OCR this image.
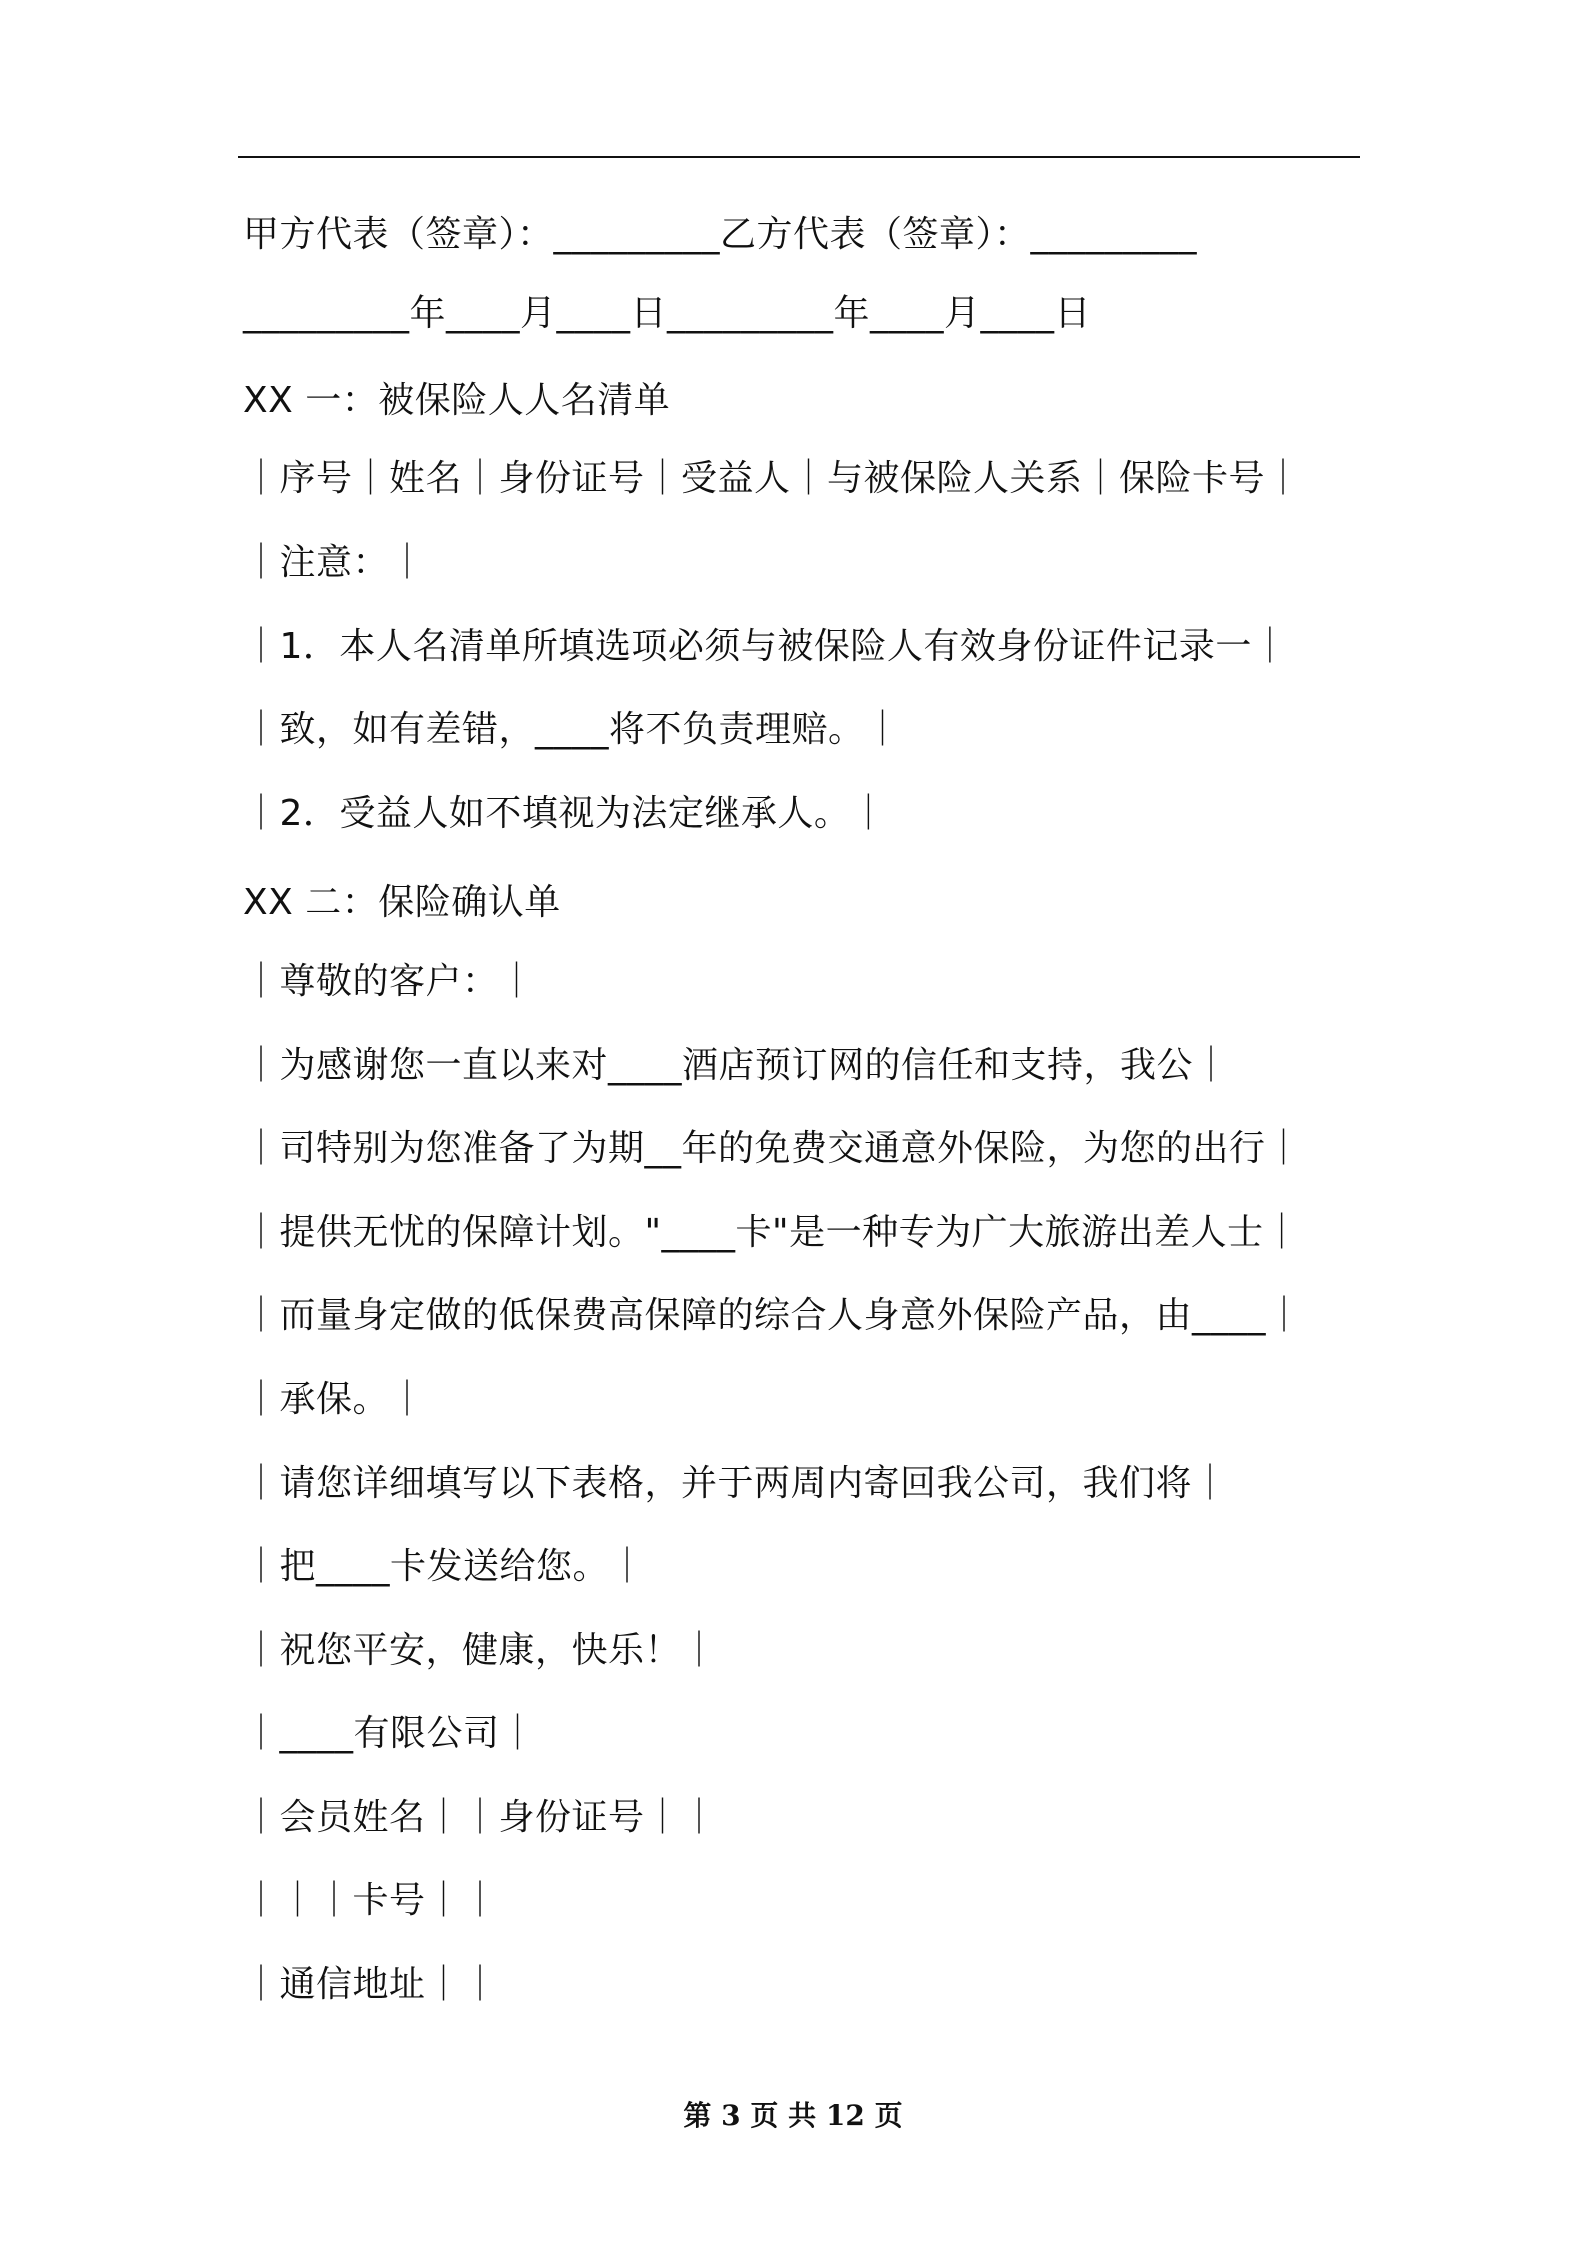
甲方代表（签章）：_________乙方代表（签章）：_________
_________年____月____日_________年____月____日
XX 一：被保险人人名清单
｜序号｜姓名｜身份证号｜受益人｜与被保险人关系｜保险卡号｜
｜注意：｜
｜1．本人名清单所填选项必须与被保险人有效身份证件记录一｜
｜致，如有差错，____将不负责理赔。｜
｜2．受益人如不填视为法定继承人。｜
XX 二：保险确认单
｜尊敬的客户：｜
｜为感谢您一直以来对____酒店预订网的信任和支持，我公｜
｜司特别为您准备了为期__年的免费交通意外保险，为您的出行｜
｜提供无忧的保障计划。"____卡"是一种专为广大旅游出差人士｜
｜而量身定做的低保费高保障的综合人身意外保险产品，由____｜
｜承保。｜
｜请您详细填写以下表格，并于两周内寄回我公司，我们将｜
｜把____卡发送给您。｜
｜祝您平安，健康，快乐！｜
｜____有限公司｜
｜会员姓名｜｜身份证号｜｜
｜｜｜卡号｜｜
｜通信地址｜｜
第 3 页 共 12 页
